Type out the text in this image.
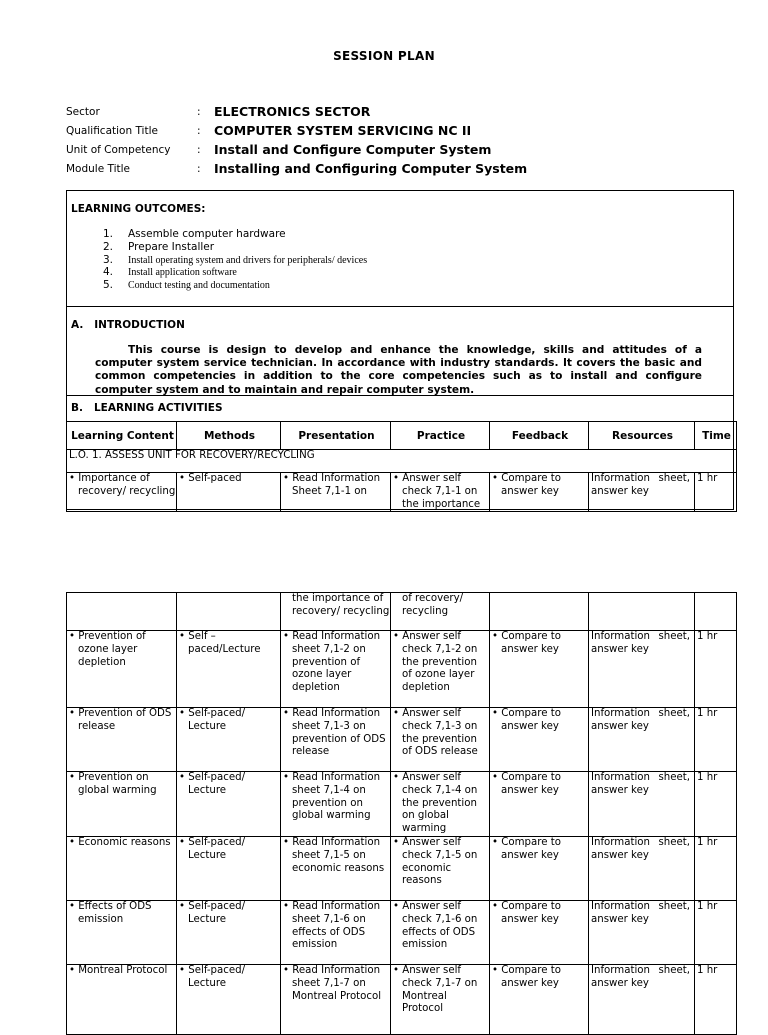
SESSION PLAN
Sector	: ELECTRONICS SECTOR
Qualification Title	: COMPUTER SYSTEM SERVICING NC II
Unit of Competency	: Install and Configure Computer System
Module Title	: Installing and Configuring Computer System
LEARNING OUTCOMES:
1. Assemble computer hardware
2. Prepare Installer
3. Install operating system and drivers for peripherals/ devices
4. Install application software
5. Conduct testing and documentation
A.   INTRODUCTION
This course is design to develop and enhance the knowledge, skills and attitudes of a computer system service technician. In accordance with industry standards. It covers the basic and common competencies in addition to the core competencies such as to install and configure computer system and to maintain and repair computer system.
B.   LEARNING ACTIVITIES
Learning Content	Methods	Presentation	Practice	Feedback	Resources	Time
L.O. 1. ASSESS UNIT FOR RECOVERY/RECYCLING						

• Importance of recovery/ recycling	• Self-paced	• Read Information Sheet 7,1-1 on	• Answer self check 7,1-1 on the importance	• Compare to answer key	Information sheet, answer key	1 hr
		the importance of recovery/ recycling	of recovery/ recycling			

• Prevention of ozone layer depletion	• Self – paced/Lecture	• Read Information sheet 7,1-2 on prevention of ozone layer depletion	• Answer self check 7,1-2 on the prevention of ozone layer depletion	• Compare to answer key	Information sheet, answer key	1 hr

• Prevention of ODS release	• Self-paced/ Lecture	• Read Information sheet 7,1-3 on prevention of ODS release	• Answer self check 7,1-3 on the prevention of ODS release	• Compare to answer key	Information sheet, answer key	1 hr

• Prevention on global warming	• Self-paced/ Lecture	• Read Information sheet 7,1-4 on prevention on global warming	• Answer self check 7,1-4 on the prevention on global warming	• Compare to answer key	Information sheet, answer key	1 hr

• Economic reasons	• Self-paced/ Lecture	• Read Information sheet 7,1-5 on economic reasons	• Answer self check 7,1-5 on economic reasons	• Compare to answer key	Information sheet, answer key	1 hr

• Effects of ODS emission	• Self-paced/ Lecture	• Read Information sheet 7,1-6 on effects of ODS emission	• Answer self check 7,1-6 on effects of ODS emission	• Compare to answer key	Information sheet, answer key	1 hr

• Montreal Protocol	• Self-paced/ Lecture	• Read Information sheet 7,1-7 on Montreal Protocol	• Answer self check 7,1-7 on Montreal Protocol	• Compare to answer key	Information sheet, answer key	1 hr
